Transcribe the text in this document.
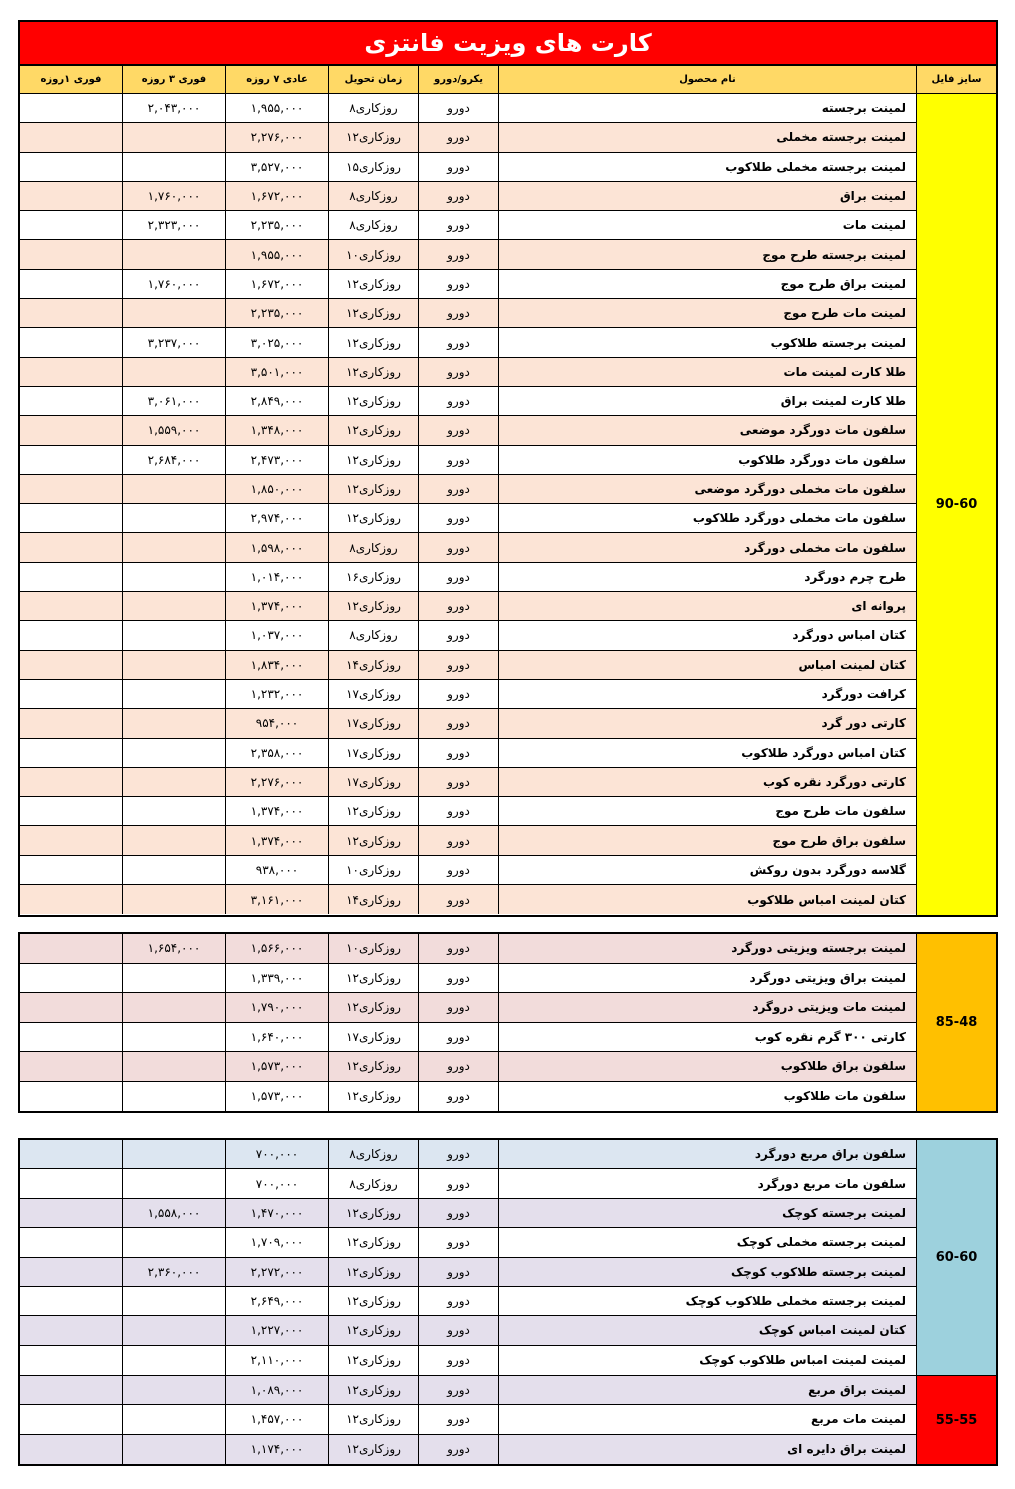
کارت های ویزیت فانتزی
سایز فایل
نام محصول
یکرو/دورو
زمان تحویل
عادی ۷ روزه
فوری ۳ روزه
فوری ۱روزه
90-60
لمینت برجسته
دورو
۸روزکاری
۱,۹۵۵,۰۰۰
۲,۰۴۳,۰۰۰
لمینت برجسته مخملی
دورو
۱۲روزکاری
۲,۲۷۶,۰۰۰
لمینت برجسته مخملی طلاکوب
دورو
۱۵روزکاری
۳,۵۲۷,۰۰۰
لمینت براق
دورو
۸روزکاری
۱,۶۷۲,۰۰۰
۱,۷۶۰,۰۰۰
لمینت مات
دورو
۸روزکاری
۲,۲۳۵,۰۰۰
۲,۳۲۳,۰۰۰
لمینت برجسته طرح موج
دورو
۱۰روزکاری
۱,۹۵۵,۰۰۰
لمینت براق طرح موج
دورو
۱۲روزکاری
۱,۶۷۲,۰۰۰
۱,۷۶۰,۰۰۰
لمینت مات طرح موج
دورو
۱۲روزکاری
۲,۲۳۵,۰۰۰
لمینت برجسته طلاکوب
دورو
۱۲روزکاری
۳,۰۲۵,۰۰۰
۳,۲۳۷,۰۰۰
طلا کارت لمینت مات
دورو
۱۲روزکاری
۳,۵۰۱,۰۰۰
طلا کارت لمینت براق
دورو
۱۲روزکاری
۲,۸۴۹,۰۰۰
۳,۰۶۱,۰۰۰
سلفون مات دورگرد موضعی
دورو
۱۲روزکاری
۱,۳۴۸,۰۰۰
۱,۵۵۹,۰۰۰
سلفون مات دورگرد طلاکوب
دورو
۱۲روزکاری
۲,۴۷۳,۰۰۰
۲,۶۸۴,۰۰۰
سلفون مات مخملی دورگرد موضعی
دورو
۱۲روزکاری
۱,۸۵۰,۰۰۰
سلفون مات مخملی دورگرد طلاکوب
دورو
۱۲روزکاری
۲,۹۷۴,۰۰۰
سلفون مات مخملی دورگرد
دورو
۸روزکاری
۱,۵۹۸,۰۰۰
طرح چرم دورگرد
دورو
۱۶روزکاری
۱,۰۱۴,۰۰۰
پروانه ای
دورو
۱۲روزکاری
۱,۳۷۴,۰۰۰
کتان امباس دورگرد
دورو
۸روزکاری
۱,۰۳۷,۰۰۰
کتان لمینت امباس
دورو
۱۴روزکاری
۱,۸۳۴,۰۰۰
کرافت دورگرد
دورو
۱۷روزکاری
۱,۲۳۲,۰۰۰
کارتی دور گرد
دورو
۱۷روزکاری
۹۵۴,۰۰۰
کتان امباس دورگرد طلاکوب
دورو
۱۷روزکاری
۲,۳۵۸,۰۰۰
کارتی دورگرد نقره کوب
دورو
۱۷روزکاری
۲,۲۷۶,۰۰۰
سلفون مات طرح موج
دورو
۱۲روزکاری
۱,۳۷۴,۰۰۰
سلفون براق طرح موج
دورو
۱۲روزکاری
۱,۳۷۴,۰۰۰
گلاسه دورگرد بدون روکش
دورو
۱۰روزکاری
۹۳۸,۰۰۰
کتان لمینت امباس طلاکوب
دورو
۱۴روزکاری
۳,۱۶۱,۰۰۰
85-48
لمینت برجسته ویزیتی دورگرد
دورو
۱۰روزکاری
۱,۵۶۶,۰۰۰
۱,۶۵۴,۰۰۰
لمینت براق ویزیتی دورگرد
دورو
۱۲روزکاری
۱,۳۳۹,۰۰۰
لمینت مات ویزیتی دروگرد
دورو
۱۲روزکاری
۱,۷۹۰,۰۰۰
کارتی ۳۰۰ گرم نقره کوب
دورو
۱۷روزکاری
۱,۶۴۰,۰۰۰
سلفون براق طلاکوب
دورو
۱۲روزکاری
۱,۵۷۳,۰۰۰
سلفون مات طلاکوب
دورو
۱۲روزکاری
۱,۵۷۳,۰۰۰
60-60
سلفون براق مربع دورگرد
دورو
۸روزکاری
۷۰۰,۰۰۰
سلفون مات مربع دورگرد
دورو
۸روزکاری
۷۰۰,۰۰۰
لمینت برجسته کوچک
دورو
۱۲روزکاری
۱,۴۷۰,۰۰۰
۱,۵۵۸,۰۰۰
لمینت برجسته مخملی کوچک
دورو
۱۲روزکاری
۱,۷۰۹,۰۰۰
لمینت برجسته طلاکوب کوچک
دورو
۱۲روزکاری
۲,۲۷۲,۰۰۰
۲,۳۶۰,۰۰۰
لمینت برجسته مخملی طلاکوب کوچک
دورو
۱۲روزکاری
۲,۶۴۹,۰۰۰
کتان لمینت امباس کوچک
دورو
۱۲روزکاری
۱,۲۲۷,۰۰۰
لمینت لمینت امباس طلاکوب کوچک
دورو
۱۲روزکاری
۲,۱۱۰,۰۰۰
55-55
لمینت براق مربع
دورو
۱۲روزکاری
۱,۰۸۹,۰۰۰
لمینت مات مربع
دورو
۱۲روزکاری
۱,۴۵۷,۰۰۰
لمینت براق دایره ای
دورو
۱۲روزکاری
۱,۱۷۴,۰۰۰
